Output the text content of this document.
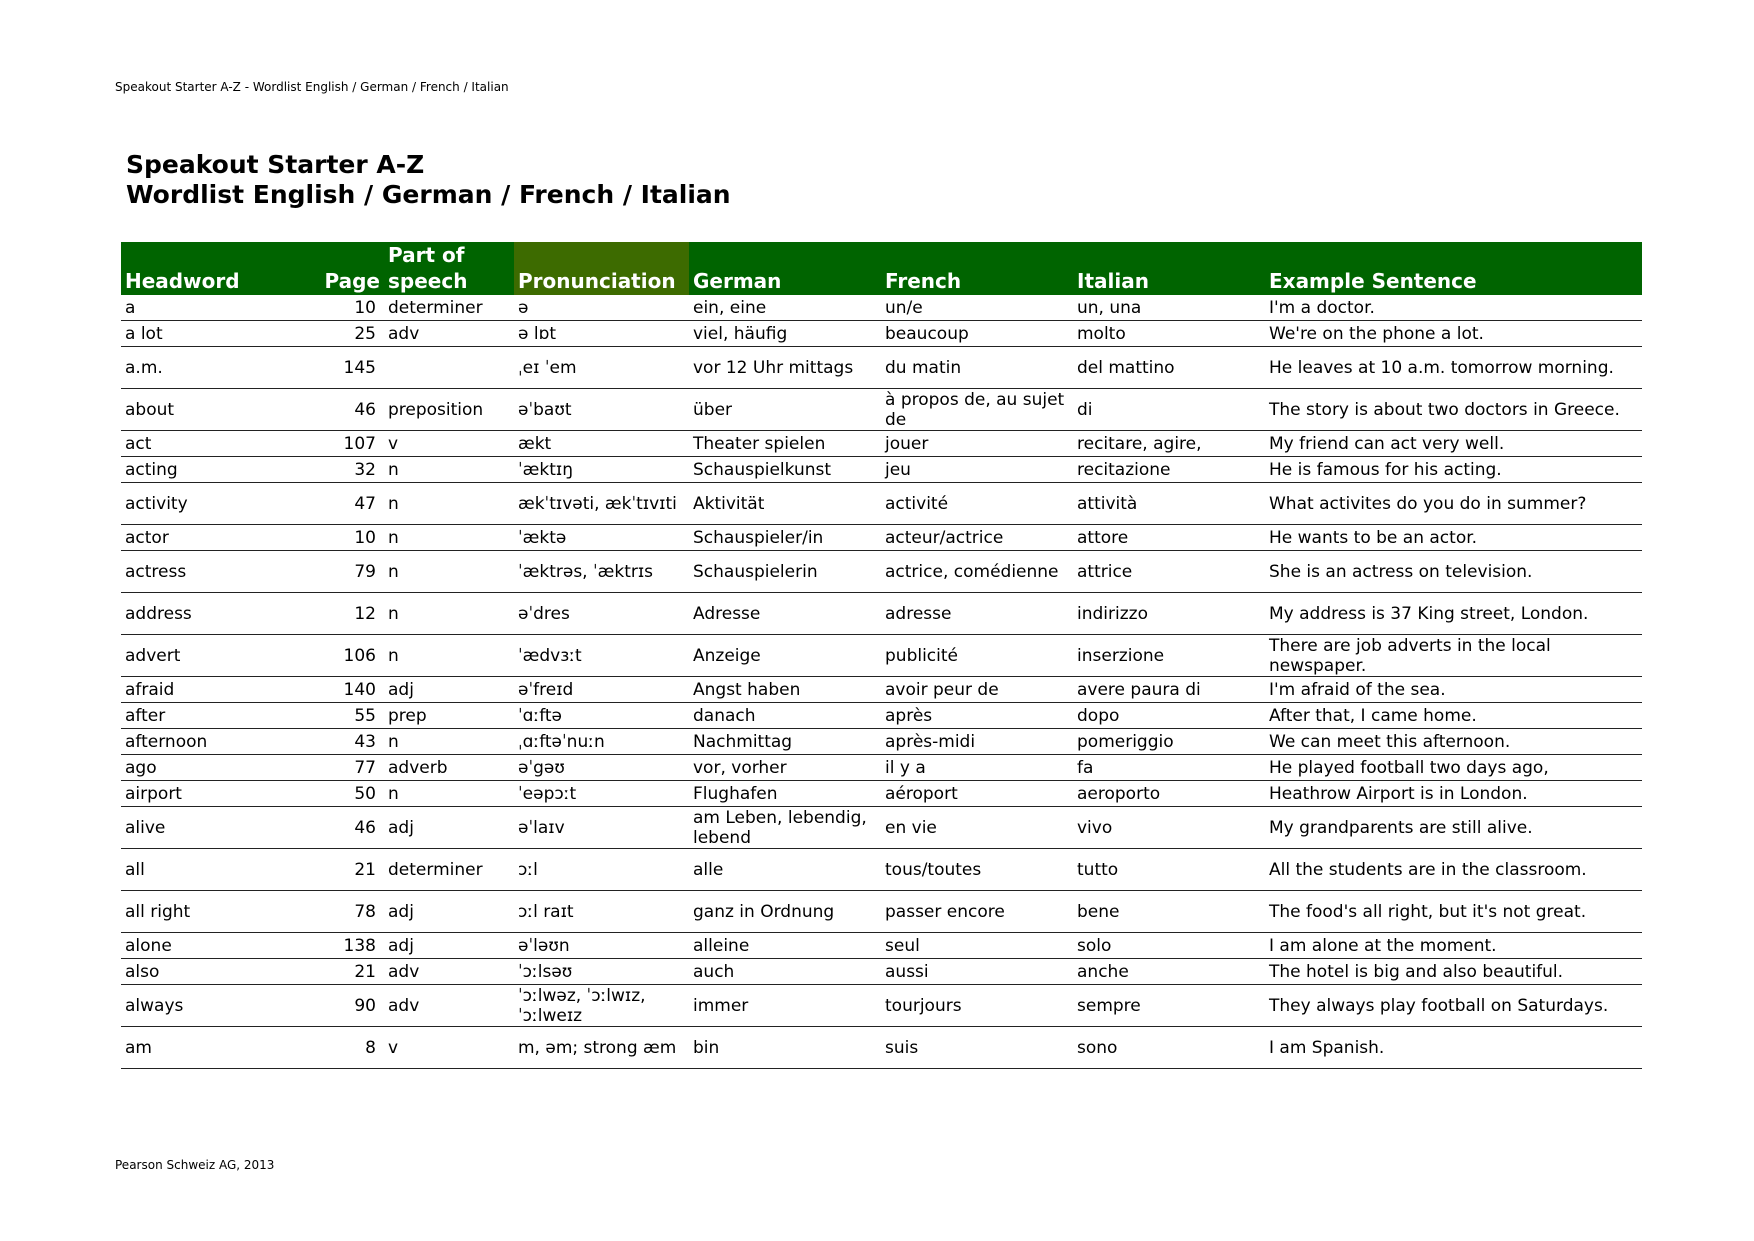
Speakout Starter A-Z - Wordlist English / German / French / Italian
Speakout Starter A-Z
Wordlist English / German / French / Italian
Headword	Page	Part of speech	Pronunciation	German	French	Italian	Example Sentence
a	10	determiner	ə	ein, eine	un/e	un, una	I'm a doctor.
a lot	25	adv	ə lɒt	viel, häufig	beaucoup	molto	We're on the phone a lot.
a.m.	145		ˌeɪ ˈem	vor 12 Uhr mittags	du matin	del mattino	He leaves at 10 a.m. tomorrow morning.
about	46	preposition	əˈbaʊt	über	à propos de, au sujet de	di	The story is about two doctors in Greece.
act	107	v	ækt	Theater spielen	jouer	recitare, agire,	My friend can act very well.
acting	32	n	ˈæktɪŋ	Schauspielkunst	jeu	recitazione	He is famous for his acting.
activity	47	n	ækˈtɪvəti, ækˈtɪvɪti	Aktivität	activité	attività	What activites do you do in summer?
actor	10	n	ˈæktə	Schauspieler/in	acteur/actrice	attore	He wants to be an actor.
actress	79	n	ˈæktrəs, ˈæktrɪs	Schauspielerin	actrice, comédienne	attrice	She is an actress on television.
address	12	n	əˈdres	Adresse	adresse	indirizzo	My address is 37 King street, London.
advert	106	n	ˈædvɜːt	Anzeige	publicité	inserzione	There are job adverts in the local newspaper.
afraid	140	adj	əˈfreɪd	Angst haben	avoir peur de	avere paura di	I'm afraid of the sea.
after	55	prep	ˈɑːftə	danach	après	dopo	After that, I came home.
afternoon	43	n	ˌɑːftəˈnuːn	Nachmittag	après-midi	pomeriggio	We can meet this afternoon.
ago	77	adverb	əˈgəʊ	vor, vorher	il y a	fa	He played football two days ago,
airport	50	n	ˈeəpɔːt	Flughafen	aéroport	aeroporto	Heathrow Airport is in London.
alive	46	adj	əˈlaɪv	am Leben, lebendig, lebend	en vie	vivo	My grandparents are still alive.
all	21	determiner	ɔːl	alle	tous/toutes	tutto	All the students are in the classroom.
all right	78	adj	ɔːl raɪt	ganz in Ordnung	passer encore	bene	The food's all right, but it's not great.
alone	138	adj	əˈləʊn	alleine	seul	solo	I am alone at the moment.
also	21	adv	ˈɔːlsəʊ	auch	aussi	anche	The hotel is big and also beautiful.
always	90	adv	ˈɔːlwəz, ˈɔːlwɪz, ˈɔːlweɪz	immer	tourjours	sempre	They always play football on Saturdays.
am	8	v	m, əm; strong æm	bin	suis	sono	I am Spanish.
Pearson Schweiz AG, 2013
